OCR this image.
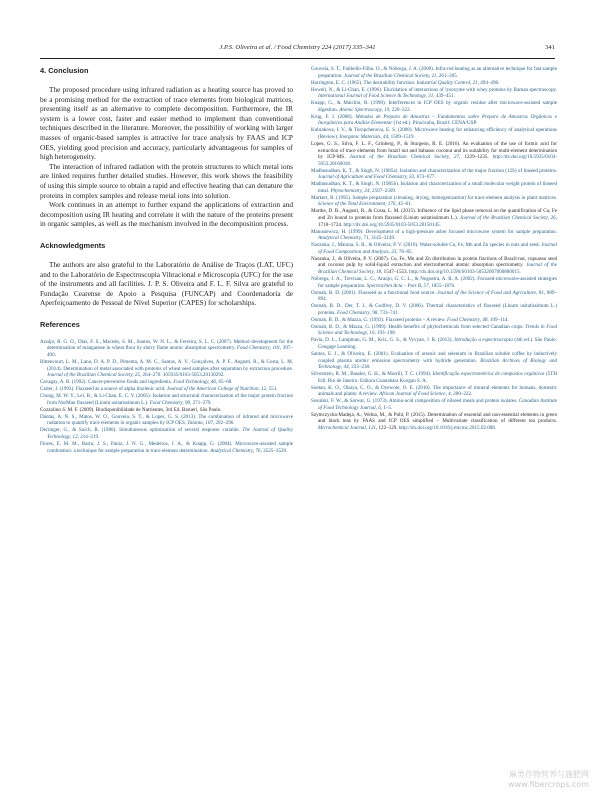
J.P.S. Oliveira et al. / Food Chemistry 224 (2017) 335–341	341
4. Conclusion

The proposed procedure using infrared radiation as a heating source has proved to be a promising method for the extraction of trace elements from biological matrices, presenting itself as an alternative to complete decomposition. Furthermore, the IR system is a lower cost, faster and easier method to implement than conventional techniques described in the literature. Moreover, the possibility of working with larger masses of organic-based samples is attractive for trace analysis by FAAS and ICP OES, yielding good precision and accuracy, particularly advantageous for samples of high heterogeneity.

The interaction of infrared radiation with the protein structures to which metal ions are linked requires further detailed studies. However, this work shows the feasibility of using this simple source to obtain a rapid and effective heating that can denature the proteins in complex samples and release metal ions into solution.

Work continues in an attempt to further expand the applications of extraction and decomposition using IR heating and correlate it with the nature of the proteins present in organic samples, as well as the mechanism involved in the decomposition process.

Acknowledgments

The authors are also grateful to the Laboratório de Análise de Traços (LAT, UFC) and to the Laboratório de Espectroscopia Vibracional e Microscopia (UFC) for the use of the instruments and all facilities. J. P. S. Oliveira and F. L. F. Silva are grateful to Fundação Cearense de Apoio a Pesquisa (FUNCAP) and Coordenadoria de Aperfeiçoamento de Pessoal de Nível Superior (CAPES) for scholarships.

References

Araújo, R. G. O., Dias, F. S., Macedo, S. M., Santos, W. N. L., & Ferreira, S. L. C. (2007). Method development for the determination of manganese in wheat flour by slurry flame atomic absorption spectrometry. Food Chemistry, 101, 397–400.

Bittencourt, L. M., Lana, D. A. P. D., Pimenta, A. M. C., Santos, A. V., Gonçalves, A. P. F., Augusti, R., & Costa, L. M. (2014). Determination of metal associated with proteins of wheat seed samples after separation by extraction procedure. Journal of the Brazilian Chemical Society, 25, 264–270. 105935/0103-5053.20130292.

Cavagay, A. B. (1992). Cancer-preventive foods and ingredients. Food Technology, 46, 65–68.

Carter, J. (1993). Flaxseed as a source of alpha linolenic acid. Journal of the American College of Nutrition, 12, 551.

Chung, M. W. Y., Lei, B., & Li-Chan, E. C. Y. (2005). Isolation and structural characterization of the major protein fraction from NorMan flaxseed (Linum usitatissimum L.). Food Chemistry, 90, 271–279.

Cozzolino S. M. F. (2009). Biodisponibilidade de Nutrientes, 3rd Ed. Barueri, São Paulo.

Dantas, A. N. S., Matos, W. O., Gouveia, S. T., & Lopes, G. S. (2013). The combination of infrared and microwave radiation to quantify trace elements in organic samples by ICP OES. Talanta, 107, 292–296.

Derringer, G., & Suich, R. (1980). Simultaneous optimization of several response variable. The Journal of Quality Technology, 12, 214–219.

Flores, E. M. M., Barin, J. S., Paniz, J. N. G., Medeiros, J. A., & Knapp, G. (2004). Microwave-assisted sample combustion: a technique for sample preparation in trace element determination. Analytical Chemistry, 76, 3525–3529.

Gouveia, S. T., Fatibello-Filho, O., & Nóbrega, J. A. (2000). Infra-red heating as an alternative technique for fast sample preparation. Journal of the Brazilian Chemical Society, 11, 261–265.

Harrington, E. C. (1965). The desirability function. Industrial Quality Control, 21, 494–498.

Howell, N., & Li-Chan, E. (1996). Elucidation of interactions of lysozyme with whey proteins by Raman spectroscopy. International Journal of Food Science & Technology, 31, 439–451.

Knapp, G., & Maichin, B. (1998). Interferences in ICP OES by organic residue after microwave-assisted sample digestion. Atomic Spectroscopy, 19, 220–222.

Krug, F. J. (2008). Métodos de Preparo de Amostras – Fundamentos sobre Preparo de Amostras Orgânicos e Inorgânicos para Análise Elementar (1st ed.). Piracicaba, Brazil: CENA/USP.

Kubrakova, I. V., & Toropchenova, E. S. (2008). Microwave heating for enhancing efficiency of analytical operations (Review). Inorganic Materials, 44, 1509–1519.

Lopes, G. S., Silva, F. L. F., Grinberg, P., & Sturgeon, R. E. (2016). An evaluation of the use of formic acid for extraction of trace elements from brazil nut and babassu coconut and its suitability for multi-element determination by ICP-MS. Journal of the Brazilian Chemical Society, 27, 1229–1235. http://dx.doi.org/10.5935/0103-5053.20160018.

Madhusudhan, K. T., & Singh, N. (1985a). Isolation and characterization of the major fraction (12S) of linseed proteins. Journal of Agriculture and Food Chemistry, 33, 673–677.

Madhusudhan, K. T., & Singh, N. (1985b). Isolation and characterization of a small molecular weight protein of linseed meal. Phytochemistry, 24, 2507–2509.

Markert, B. (1995). Sample preparation (cleaning, drying, homogenization) for trace element analysis in plant matrices. Science of the Total Environment, 176, 45–61.

Marthe, D. B., Augusti, R., & Costa, L. M. (2015). Influence of the lipid phase removal on the quantification of Cu, Fe and Zn bound to proteins from flaxseed (Linum usitatissimum L.). Journal of the Brazilian Chemical Society, 26, 1718–1724. http://dx.doi.org/10.5935/0103-5053.20150145.

Manusiewicz, H. (1999). Development of a high-pressure asher focused microwave system for sample preparation. Analytical Chemistry, 71, 3145–3149.

Naozuka, J., Marana, S. R., & Oliveira, P. V. (2010). Water-soluble Cu, Fe, Mn and Zn species in nuts and seed. Journal of Food Composition and Analysis, 23, 78–85.

Naozuka, J., & Oliveira, P. V. (2007). Cu, Fe, Mn and Zn distribution in protein fractions of Brazil-nut, cupuassu seed and coconut pulp by solid-liquid extraction and electrothermal atomic absorption spectrometry. Journal of the Brazilian Chemical Society, 18, 1547–1553. http://dx.doi.org/10.1590/S0103-50532007000800015.

Nóbrega, J. A., Trevisan, L. C., Araújo, G. C. L., & Nogueira, A. R. A. (2002). Focused-microwave-assisted strategies for sample preparation. Spectrochim Acta – Part B, 57, 1855–1876.

Oomah, B. D. (2001). Flaxseed as a functional food source. Journal of the Science of Food and Agriculture, 81, 889–894.

Oomah, B. D., Der, T. J., & Godfrey, D. V. (2006). Thermal characteristics of flaxseed (Linum usitatissimum L.) proteins. Food Chemistry, 98, 733–741.

Oomah, B. D., & Mazza, G. (1993). Flaxseed proteins – A review. Food Chemistry, 48, 109–114.

Oomah, B. D., & Mazza, G. (1999). Health benefits of phytochemicals from selected Canadian crops. Trends in Food Science and Technology, 10, 193–198.

Pavia, D. L., Lampman, G. M., Kriz, G. S., & Vyvyan, J. R. (2012). Introdução a espectroscopia (4th ed.). São Paulo: Cengage Learning.

Santos, E. J., & Oliveira, E. (2001). Evaluation of arsenic and selenium in Brazilian soluble coffee by inductively coupled plasma atomic emission spectrometry with hydride generation. Brazilian Archives of Biology and Technology, 44, 233–238.

Silverstein, R. M., Bassler, G. H., & Morrill, T. C. (1994). Identificação espectrométrica de compostos orgânicos (5TH Ed). Rio de Janeiro: Editora Guanabara Koogan S. A.

Soetan, K. O., Olaiya, C. O., & Oyewole, O. E. (2010). The importance of mineral elements for humans, domestic animals and plants: A review. African Journal of Food Science, 4, 200–222.

Sosulski, F. W., & Sarwar, G. (1973). Amino-acid composition of oilseed meals and protein isolates. Canadian Institute of Food Technology Journal, 6, 1–5.

Szymczycha-Madeja, A., Welna, M., & Pohl, P. (2015). Determination of essential and non-essential elements in green and black teas by FAAS and ICP OES simplified – Multivariate classification of different tea products. Microchemical Journal, 121, 122–129. http://dx.doi.org/10.1016/j.microc.2015.02.008.

麻类作物营养与施肥网
www.fibercrops.com
